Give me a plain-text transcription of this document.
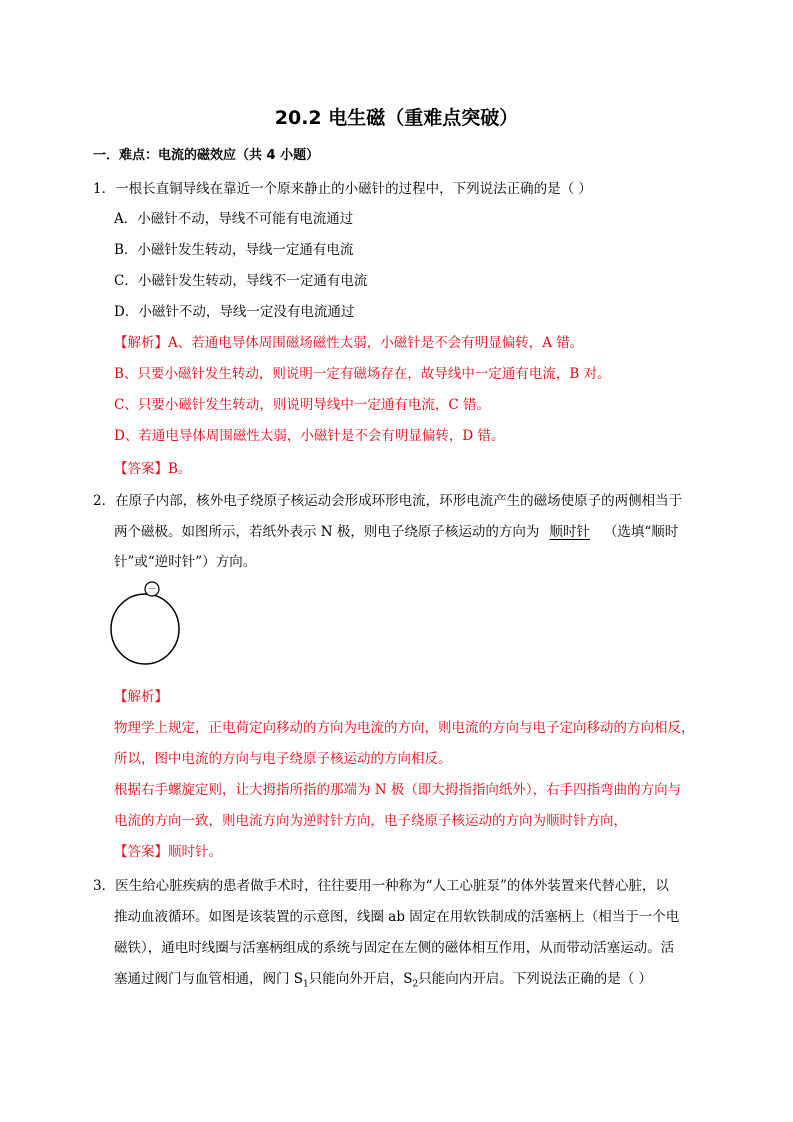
20.2 电生磁（重难点突破）
一．难点：电流的磁效应（共 4 小题）
1．一根长直铜导线在靠近一个原来静止的小磁针的过程中，下列说法正确的是（ ）
A．小磁针不动，导线不可能有电流通过
B．小磁针发生转动，导线一定通有电流
C．小磁针发生转动，导线不一定通有电流
D．小磁针不动，导线一定没有电流通过
【解析】A、若通电导体周围磁场磁性太弱，小磁针是不会有明显偏转，A 错。
B、只要小磁针发生转动，则说明一定有磁场存在，故导线中一定通有电流，B 对。
C、只要小磁针发生转动，则说明导线中一定通有电流，C 错。
D、若通电导体周围磁性太弱，小磁针是不会有明显偏转，D 错。
【答案】B。
2．在原子内部，核外电子绕原子核运动会形成环形电流，环形电流产生的磁场使原子的两侧相当于
两个磁极。如图所示，若纸外表示 N 极，则电子绕原子核运动的方向为 顺时针 （选填“顺时
针”或“逆时针”）方向。
－
【解析】
物理学上规定，正电荷定向移动的方向为电流的方向，则电流的方向与电子定向移动的方向相反，
所以，图中电流的方向与电子绕原子核运动的方向相反。
根据右手螺旋定则，让大拇指所指的那端为 N 极（即大拇指指向纸外），右手四指弯曲的方向与
电流的方向一致，则电流方向为逆时针方向，电子绕原子核运动的方向为顺时针方向，
【答案】顺时针。
3．医生给心脏疾病的患者做手术时，往往要用一种称为“人工心脏泵”的体外装置来代替心脏，以
推动血液循环。如图是该装置的示意图，线圈 ab 固定在用软铁制成的活塞柄上（相当于一个电
磁铁），通电时线圈与活塞柄组成的系统与固定在左侧的磁体相互作用，从而带动活塞运动。活
塞通过阀门与血管相通，阀门 $S_1$只能向外开启，$S_2$只能向内开启。下列说法正确的是（ ）
